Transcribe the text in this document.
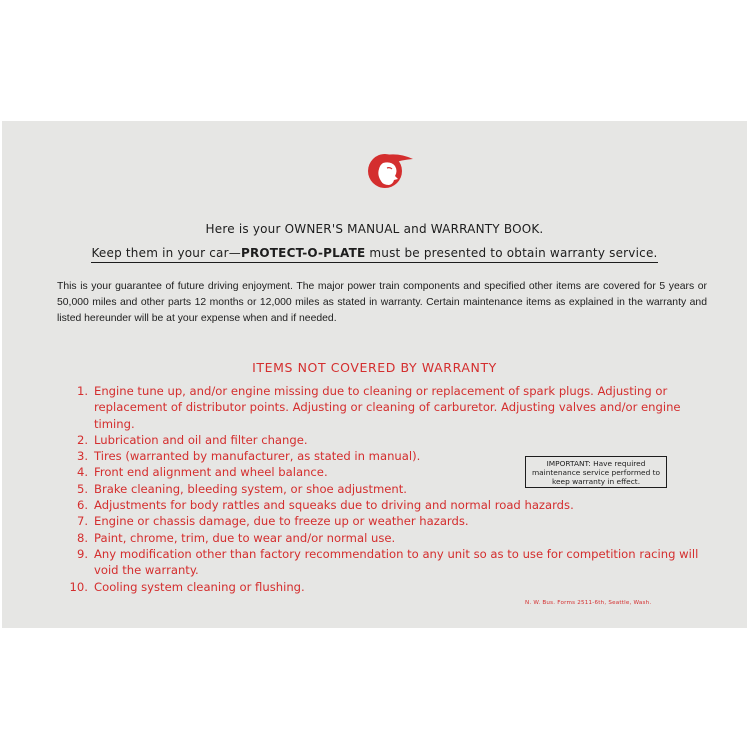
Here is your OWNER'S MANUAL and WARRANTY BOOK.
Keep them in your car—PROTECT-O-PLATE must be presented to obtain warranty service.
This is your guarantee of future driving enjoyment. The major power train components and specified other items are covered for 5 years or 50,000 miles and other parts 12 months or 12,000 miles as stated in warranty. Certain maintenance items as explained in the warranty and listed hereunder will be at your expense when and if needed.
ITEMS NOT COVERED BY WARRANTY
1. Engine tune up, and/or engine missing due to cleaning or replacement of spark plugs. Adjusting or replacement of distributor points. Adjusting or cleaning of carburetor. Adjusting valves and/or engine timing.
2. Lubrication and oil and filter change.
3. Tires (warranted by manufacturer, as stated in manual).
4. Front end alignment and wheel balance.
5. Brake cleaning, bleeding system, or shoe adjustment.
6. Adjustments for body rattles and squeaks due to driving and normal road hazards.
7. Engine or chassis damage, due to freeze up or weather hazards.
8. Paint, chrome, trim, due to wear and/or normal use.
9. Any modification other than factory recommendation to any unit so as to use for competition racing will void the warranty.
10. Cooling system cleaning or flushing.
IMPORTANT: Have required maintenance service performed to keep warranty in effect.
N. W. Bus. Forms 2511-6th, Seattle, Wash.
